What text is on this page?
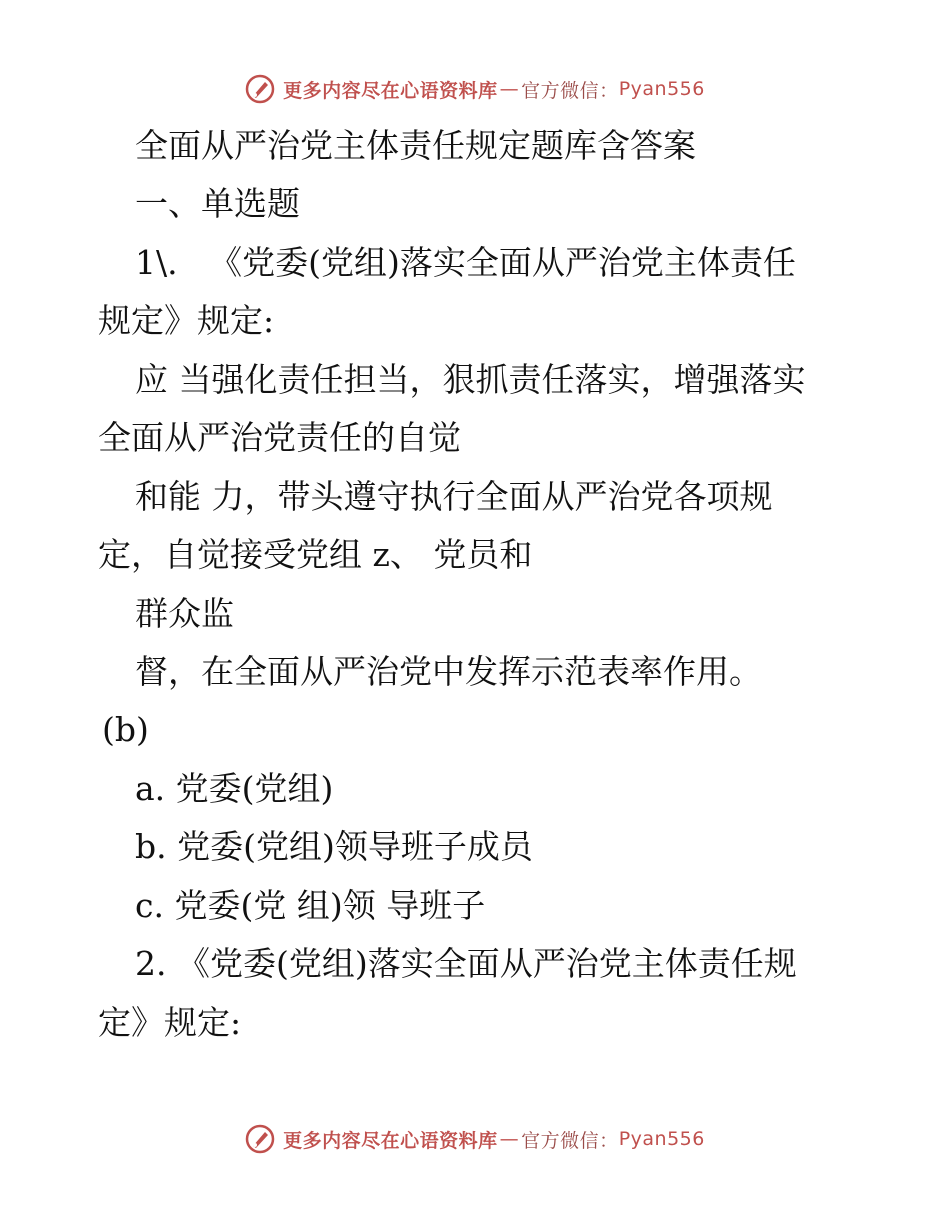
更多内容尽在心语资料库 — 官方微信： Pyan556
全面从严治党主体责任规定题库含答案
一、单选题
1\.   《党委(党组)落实全面从严治党主体责任
规定》规定:
应 当强化责任担当，狠抓责任落实，增强落实
全面从严治党责任的自觉
和能 力，带头遵守执行全面从严治党各项规
定，自觉接受党组 z、 党员和
群众监
督，在全面从严治党中发挥示范表率作用。
(b)
a. 党委(党组)
b. 党委(党组)领导班子成员
c. 党委(党 组)领 导班子
2. 《党委(党组)落实全面从严治党主体责任规
定》规定:
更多内容尽在心语资料库 — 官方微信： Pyan556
